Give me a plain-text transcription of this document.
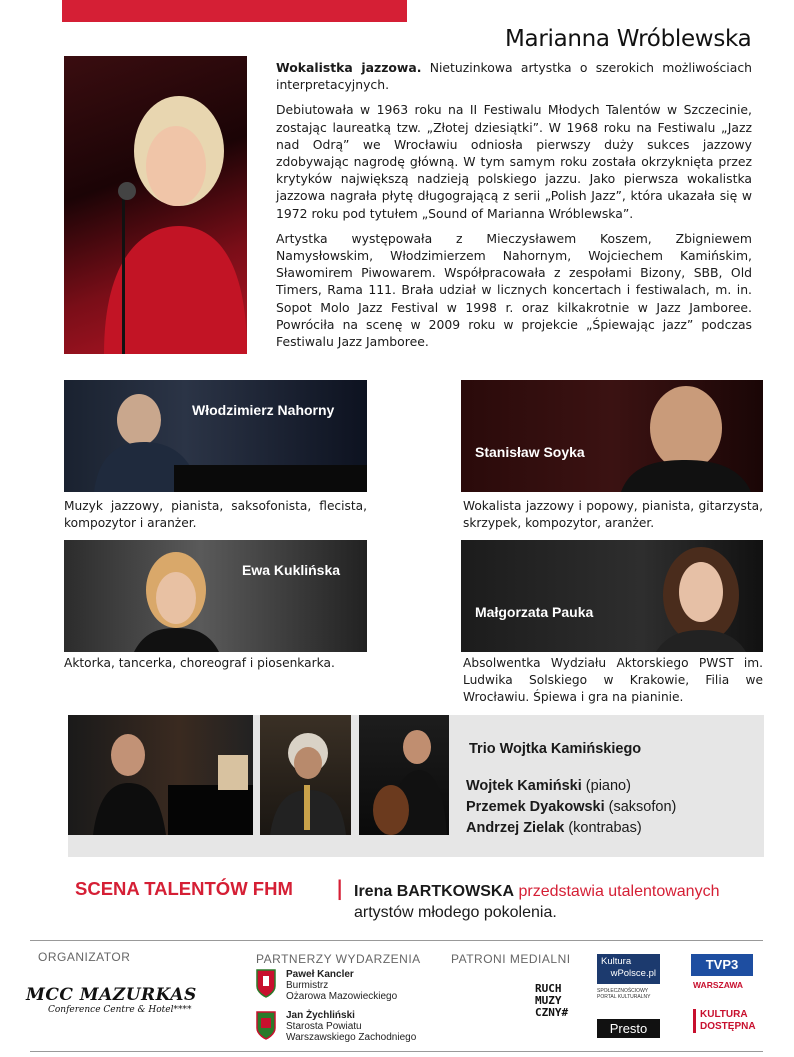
Marianna Wróblewska

Wokalistka jazzowa. Nietuzinkowa artystka o szerokich możliwościach interpretacyjnych.

Debiutowała w 1963 roku na II Festiwalu Młodych Talentów w Szczecinie, zostając laureatką tzw. „Złotej dziesiątki”. W 1968 roku na Festiwalu „Jazz nad Odrą” we Wrocławiu odniosła pierwszy duży sukces jazzowy zdobywając nagrodę główną. W tym samym roku została okrzyknięta przez krytyków największą nadzieją polskiego jazzu. Jako pierwsza wokalistka jazzowa nagrała płytę długogrającą z serii „Polish Jazz”, która ukazała się w 1972 roku pod tytułem „Sound of Marianna Wróblewska”.

Artystka występowała z Mieczysławem Koszem, Zbigniewem Namysłowskim, Włodzimierzem Nahornym, Wojciechem Kamińskim, Sławomirem Piwowarem. Współpracowała z zespołami Bizony, SBB, Old Timers, Rama 111. Brała udział w licznych koncertach i festiwalach, m. in. Sopot Molo Jazz Festival w 1998 r. oraz kilkakrotnie w Jazz Jamboree. Powróciła na scenę w 2009 roku w projekcie „Śpiewając jazz” podczas Festiwalu Jazz Jamboree.

Włodzimierz Nahorny
Muzyk jazzowy, pianista, saksofonista, flecista, kompozytor i aranżer.
Stanisław Soyka
Wokalista jazzowy i popowy, pianista, gitarzysta, skrzypek, kompozytor, aranżer.
Ewa Kuklińska
Aktorka, tancerka, choreograf i piosenkarka.
Małgorzata Pauka
Absolwentka Wydziału Aktorskiego PWST im. Ludwika Solskiego w Krakowie, Filia we Wrocławiu. Śpiewa i gra na pianinie.
Trio Wojtka Kamińskiego
Wojtek Kamiński (piano)
Przemek Dyakowski (saksofon)
Andrzej Zielak (kontrabas)
SCENA TALENTÓW FHM | Irena BARTKOWSKA przedstawia utalentowanych
artystów młodego pokolenia.
ORGANIZATOR	PARTNERZY WYDARZENIA	PATRONI MEDIALNI
MCC MAZURKAS
Conference Centre & Hotel****
Paweł Kancler
Burmistrz
Ożarowa Mazowieckiego
Jan Żychliński
Starosta Powiatu
Warszawskiego Zachodniego
RUCH
MUZY
CZNY#
Kultura
wPolsce.pl
SPOŁECZNOŚCIOWY
PORTAL KULTURALNY
Presto
TVP3
WARSZAWA
KULTURA
DOSTĘPNA
